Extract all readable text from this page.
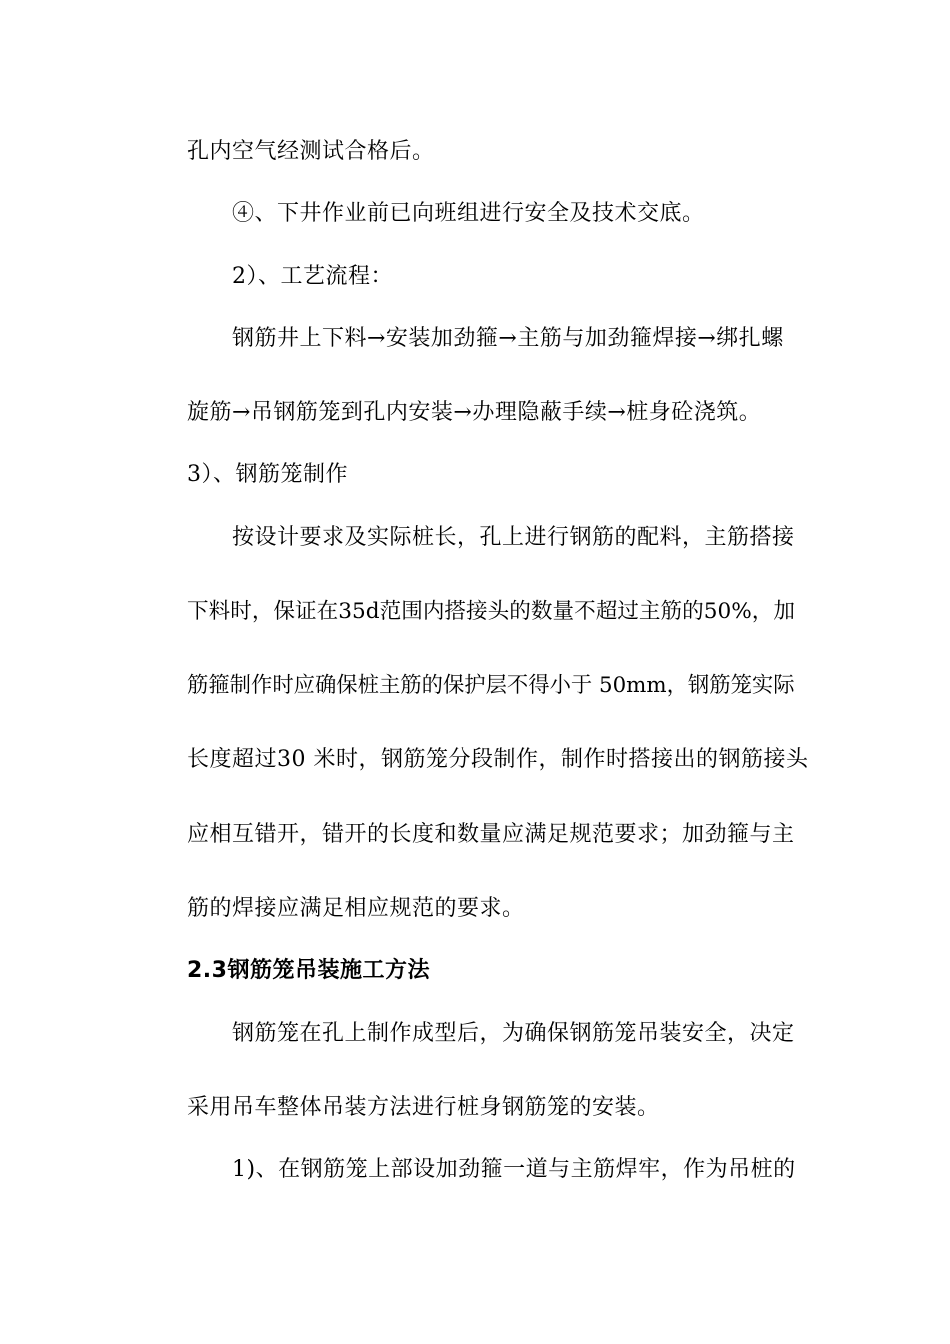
孔内空气经测试合格后。
④、下井作业前已向班组进行安全及技术交底。
2）、工艺流程：
钢筋井上下料→安装加劲箍→主筋与加劲箍焊接→绑扎螺
旋筋→吊钢筋笼到孔内安装→办理隐蔽手续→桩身砼浇筑。
3）、钢筋笼制作
按设计要求及实际桩长，孔上进行钢筋的配料，主筋搭接
下料时，保证在35d范围内搭接头的数量不超过主筋的50%，加
筋箍制作时应确保桩主筋的保护层不得小于 50mm，钢筋笼实际
长度超过30 米时，钢筋笼分段制作，制作时搭接出的钢筋接头
应相互错开，错开的长度和数量应满足规范要求；加劲箍与主
筋的焊接应满足相应规范的要求。
2.3钢筋笼吊装施工方法
钢筋笼在孔上制作成型后，为确保钢筋笼吊装安全，决定
采用吊车整体吊装方法进行桩身钢筋笼的安装。
1)、在钢筋笼上部设加劲箍一道与主筋焊牢，作为吊桩的
